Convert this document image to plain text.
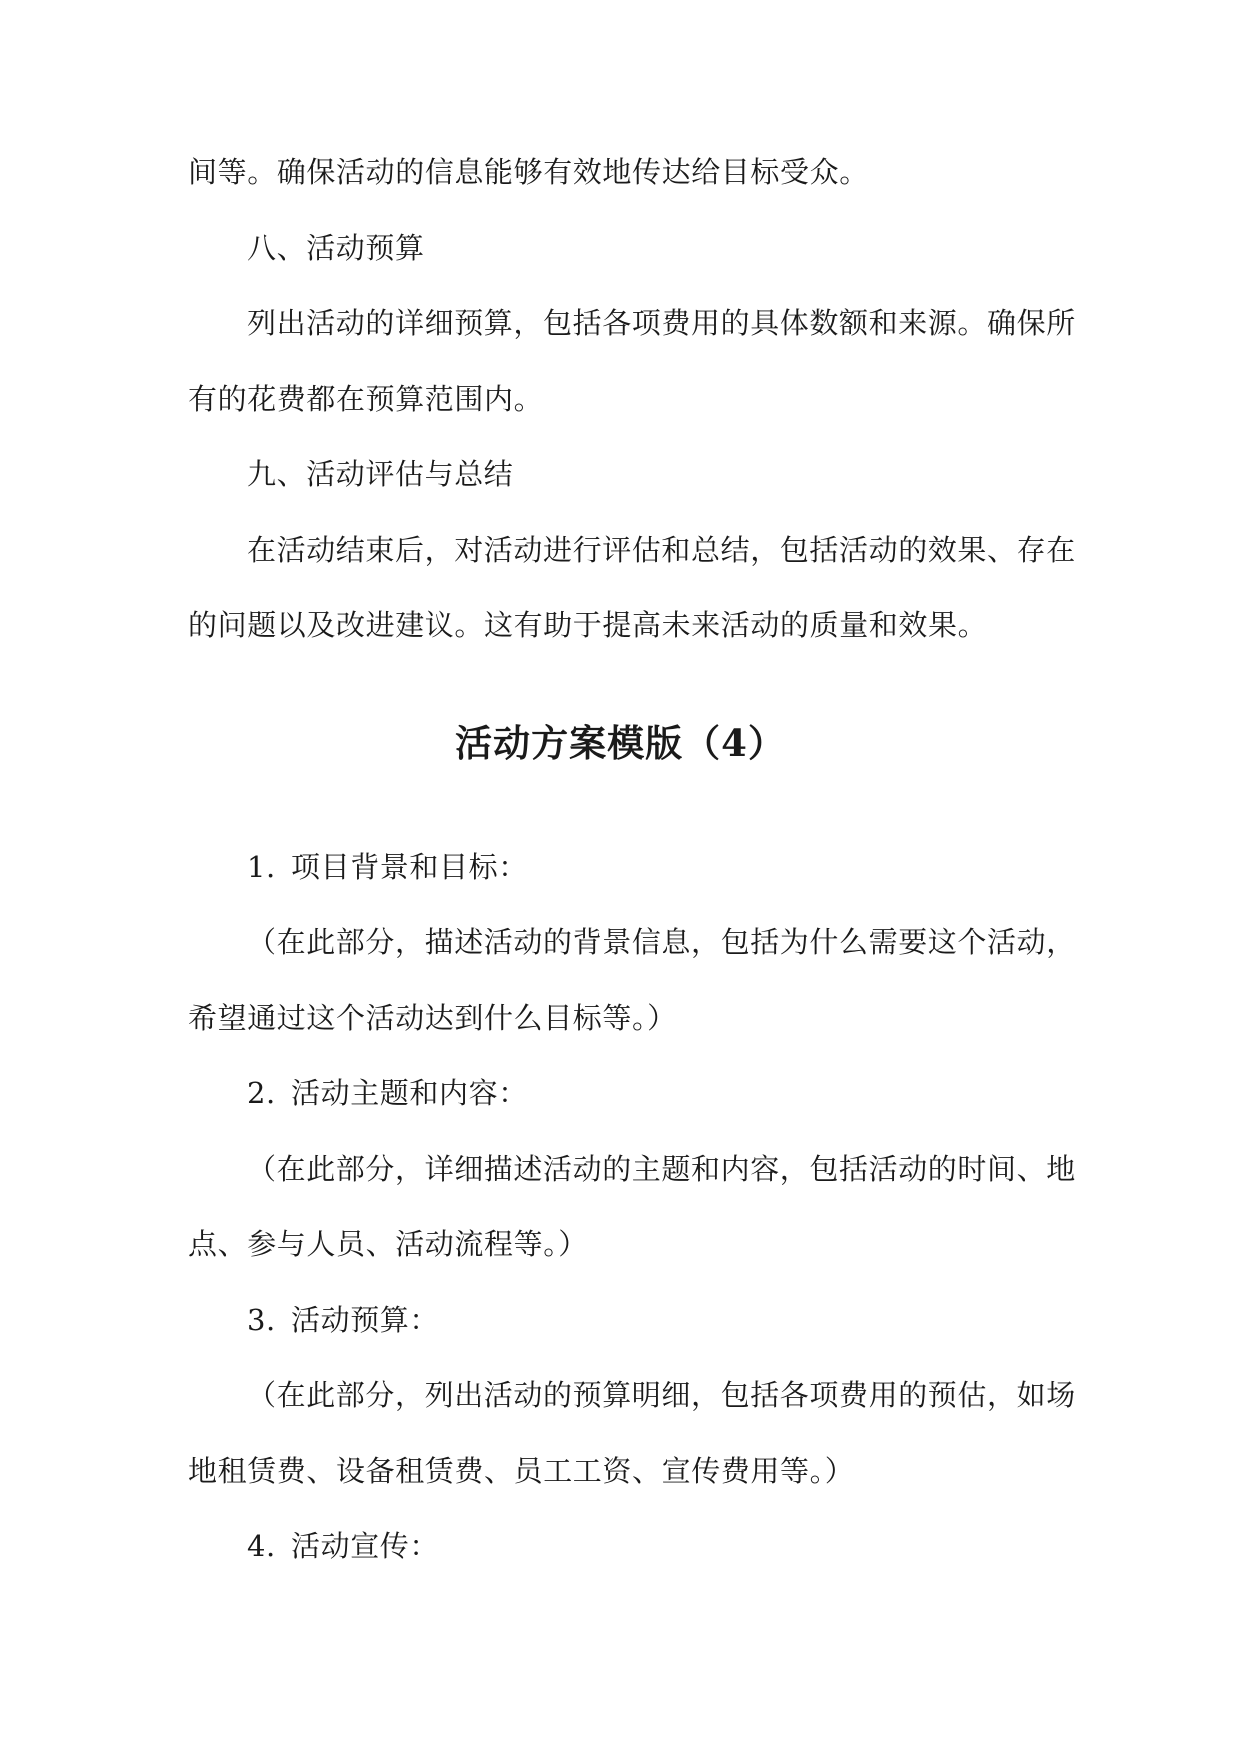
间等。确保活动的信息能够有效地传达给目标受众。
八、活动预算
列出活动的详细预算，包括各项费用的具体数额和来源。确保所
有的花费都在预算范围内。
九、活动评估与总结
在活动结束后，对活动进行评估和总结，包括活动的效果、存在
的问题以及改进建议。这有助于提高未来活动的质量和效果。
活动方案模版（4）
1. 项目背景和目标：
（在此部分，描述活动的背景信息，包括为什么需要这个活动，
希望通过这个活动达到什么目标等。）
2. 活动主题和内容：
（在此部分，详细描述活动的主题和内容，包括活动的时间、地
点、参与人员、活动流程等。）
3. 活动预算：
（在此部分，列出活动的预算明细，包括各项费用的预估，如场
地租赁费、设备租赁费、员工工资、宣传费用等。）
4. 活动宣传：
